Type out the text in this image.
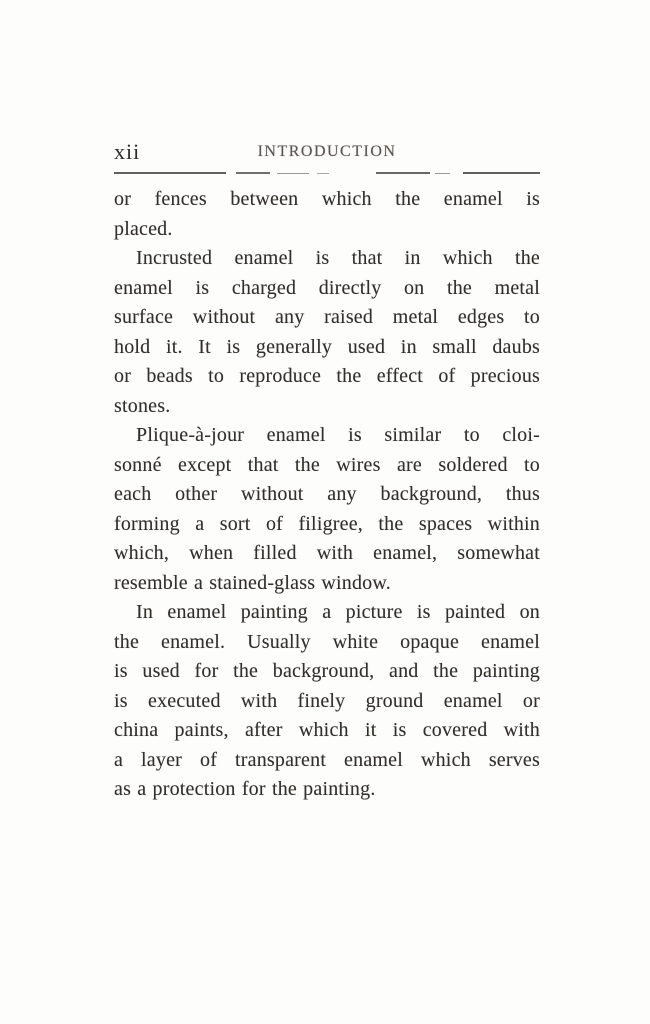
xii	INTRODUCTION
or fences between which the enamel is
placed.
Incrusted enamel is that in which the
enamel is charged directly on the metal
surface without any raised metal edges to
hold it. It is generally used in small daubs
or beads to reproduce the effect of precious
stones.
Plique-à-jour enamel is similar to cloi-
sonné except that the wires are soldered to
each other without any background, thus
forming a sort of filigree, the spaces within
which, when filled with enamel, somewhat
resemble a stained-glass window.
In enamel painting a picture is painted on
the enamel. Usually white opaque enamel
is used for the background, and the painting
is executed with finely ground enamel or
china paints, after which it is covered with
a layer of transparent enamel which serves
as a protection for the painting.
